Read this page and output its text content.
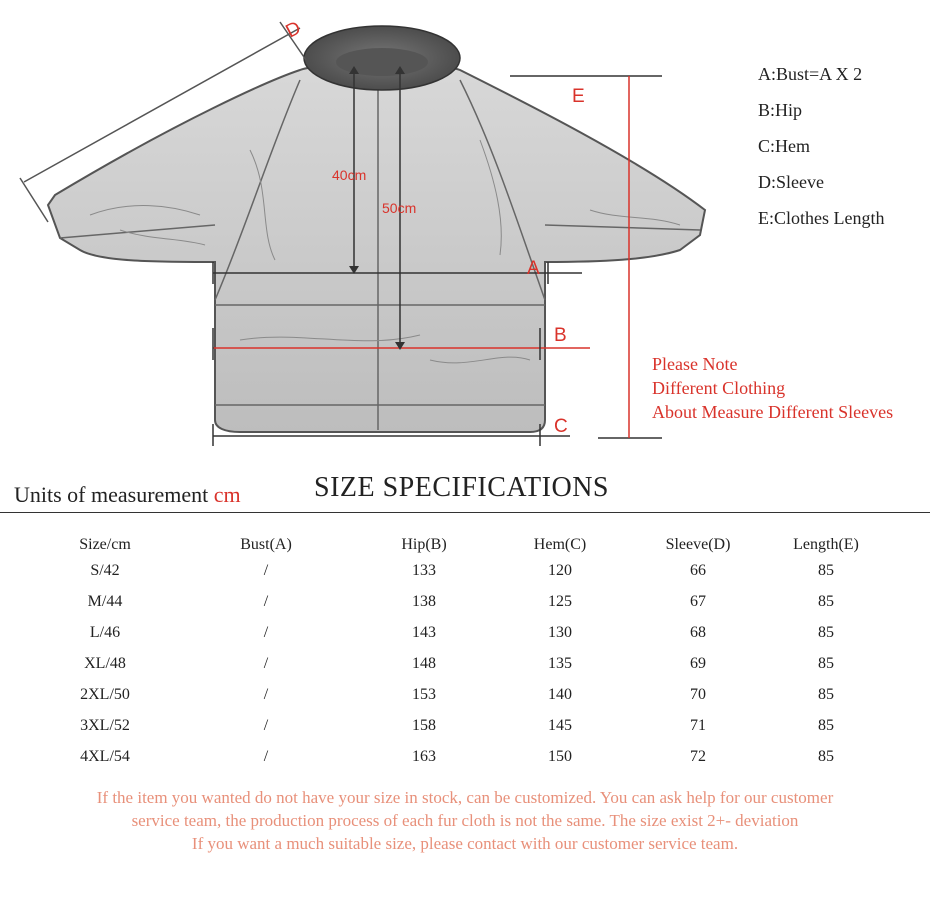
D
A
B
C
E
40cm
50cm
A:Bust=A X 2
B:Hip
C:Hem
D:Sleeve
E:Clothes Length
Please Note
Different Clothing
About Measure Different Sleeves
Units of measurement cm	SIZE SPECIFICATIONS
Size/cm	Bust(A)	Hip(B)	Hem(C)	Sleeve(D)	Length(E)
S/42	/	133	120	66	85
M/44	/	138	125	67	85
L/46	/	143	130	68	85
XL/48	/	148	135	69	85
2XL/50	/	153	140	70	85
3XL/52	/	158	145	71	85
4XL/54	/	163	150	72	85
If the item you wanted do not have your size in stock, can be customized. You can ask help for our customer
service team, the production process of each fur cloth is not the same. The size exist 2+- deviation
If you want a much suitable size, please contact with our customer service team.
